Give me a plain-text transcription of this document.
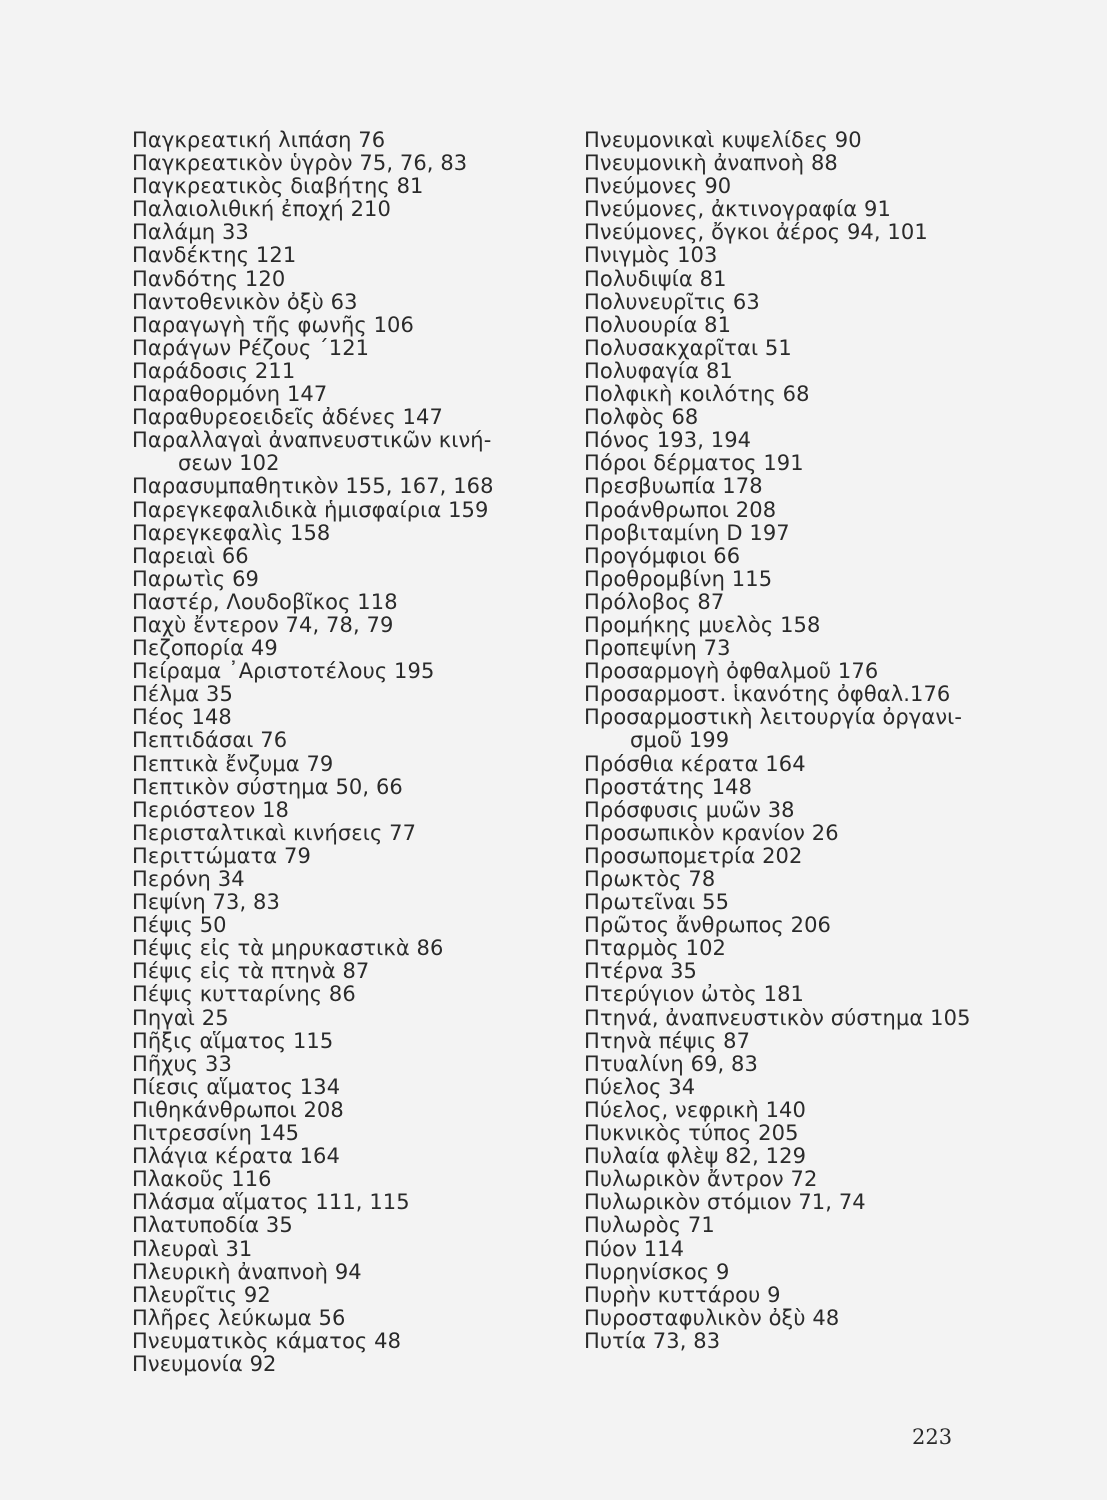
Παγκρεατική λιπάση 76
Παγκρεατικὸν ὑγρὸν 75, 76, 83
Παγκρεατικὸς διαβήτης 81
Παλαιολιθική ἐποχή 210
Παλάμη 33
Πανδέκτης 121
Πανδότης 120
Παντοθενικὸν ὀξὺ 63
Παραγωγὴ τῆς φωνῆς 106
Παράγων Ρέζους ΄121
Παράδοσις 211
Παραθορμόνη 147
Παραθυρεοειδεῖς ἀδένες 147
Παραλλαγαὶ ἀναπνευστικῶν κινή-
σεων 102
Παρασυμπαθητικὸν 155, 167, 168
Παρεγκεφαλιδικὰ ἡμισφαίρια 159
Παρεγκεφαλὶς 158
Παρειαὶ 66
Παρωτὶς 69
Παστέρ, Λουδοβῖκος 118
Παχὺ ἔντερον 74, 78, 79
Πεζοπορία 49
Πείραμα ᾿Αριστοτέλους 195
Πέλμα 35
Πέος 148
Πεπτιδάσαι 76
Πεπτικὰ ἔνζυμα 79
Πεπτικὸν σύστημα 50, 66
Περιόστεον 18
Περισταλτικαὶ κινήσεις 77
Περιττώματα 79
Περόνη 34
Πεψίνη 73, 83
Πέψις 50
Πέψις εἰς τὰ μηρυκαστικὰ 86
Πέψις εἰς τὰ πτηνὰ 87
Πέψις κυτταρίνης 86
Πηγαὶ 25
Πῆξις αἵματος 115
Πῆχυς 33
Πίεσις αἵματος 134
Πιθηκάνθρωποι 208
Πιτρεσσίνη 145
Πλάγια κέρατα 164
Πλακοῦς 116
Πλάσμα αἵματος 111, 115
Πλατυποδία 35
Πλευραὶ 31
Πλευρικὴ ἀναπνοὴ 94
Πλευρῖτις 92
Πλῆρες λεύκωμα 56
Πνευματικὸς κάματος 48
Πνευμονία 92
Πνευμονικαὶ κυψελίδες 90
Πνευμονικὴ ἀναπνοὴ 88
Πνεύμονες 90
Πνεύμονες, ἀκτινογραφία 91
Πνεύμονες, ὄγκοι ἀέρος 94, 101
Πνιγμὸς 103
Πολυδιψία 81
Πολυνευρῖτις 63
Πολυουρία 81
Πολυσακχαρῖται 51
Πολυφαγία 81
Πολφικὴ κοιλότης 68
Πολφὸς 68
Πόνος 193, 194
Πόροι δέρματος 191
Πρεσβυωπία 178
Προάνθρωποι 208
Προβιταμίνη D 197
Προγόμφιοι 66
Προθρομβίνη 115
Πρόλοβος 87
Προμήκης μυελὸς 158
Προπεψίνη 73
Προσαρμογὴ ὀφθαλμοῦ 176
Προσαρμοστ. ἱκανότης ὀφθαλ.176
Προσαρμοστικὴ λειτουργία ὀργανι-
σμοῦ 199
Πρόσθια κέρατα 164
Προστάτης 148
Πρόσφυσις μυῶν 38
Προσωπικὸν κρανίον 26
Προσωπομετρία 202
Πρωκτὸς 78
Πρωτεῖναι 55
Πρῶτος ἄνθρωπος 206
Πταρμὸς 102
Πτέρνα 35
Πτερύγιον ὠτὸς 181
Πτηνά, ἀναπνευστικὸν σύστημα 105
Πτηνὰ πέψις 87
Πτυαλίνη 69, 83
Πύελος 34
Πύελος, νεφρικὴ 140
Πυκνικὸς τύπος 205
Πυλαία φλὲψ 82, 129
Πυλωρικὸν ἄντρον 72
Πυλωρικὸν στόμιον 71, 74
Πυλωρὸς 71
Πύον 114
Πυρηνίσκος 9
Πυρὴν κυττάρου 9
Πυροσταφυλικὸν ὀξὺ 48
Πυτία 73, 83
223
